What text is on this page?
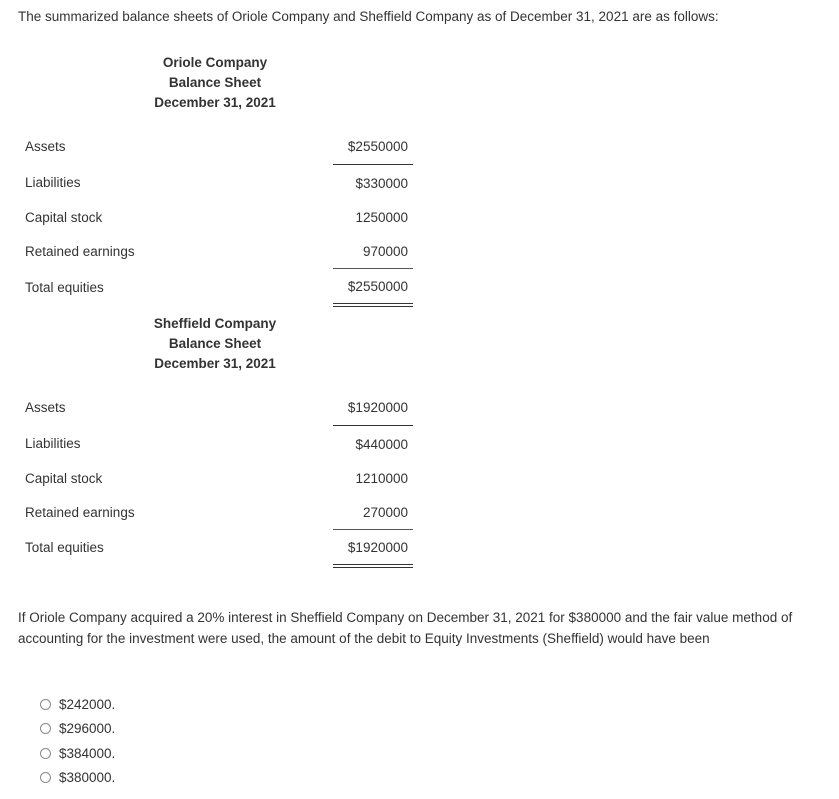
The summarized balance sheets of Oriole Company and Sheffield Company as of December 31, 2021 are as follows:
Oriole Company
Balance Sheet
December 31, 2021
Assets	$2550000
Liabilities	$330000
Capital stock	1250000
Retained earnings	970000
Total equities	$2550000
Sheffield Company
Balance Sheet
December 31, 2021
Assets	$1920000
Liabilities	$440000
Capital stock	1210000
Retained earnings	270000
Total equities	$1920000
If Oriole Company acquired a 20% interest in Sheffield Company on December 31, 2021 for $380000 and the fair value method of accounting for the investment were used, the amount of the debit to Equity Investments (Sheffield) would have been
$242000.
$296000.
$384000.
$380000.
